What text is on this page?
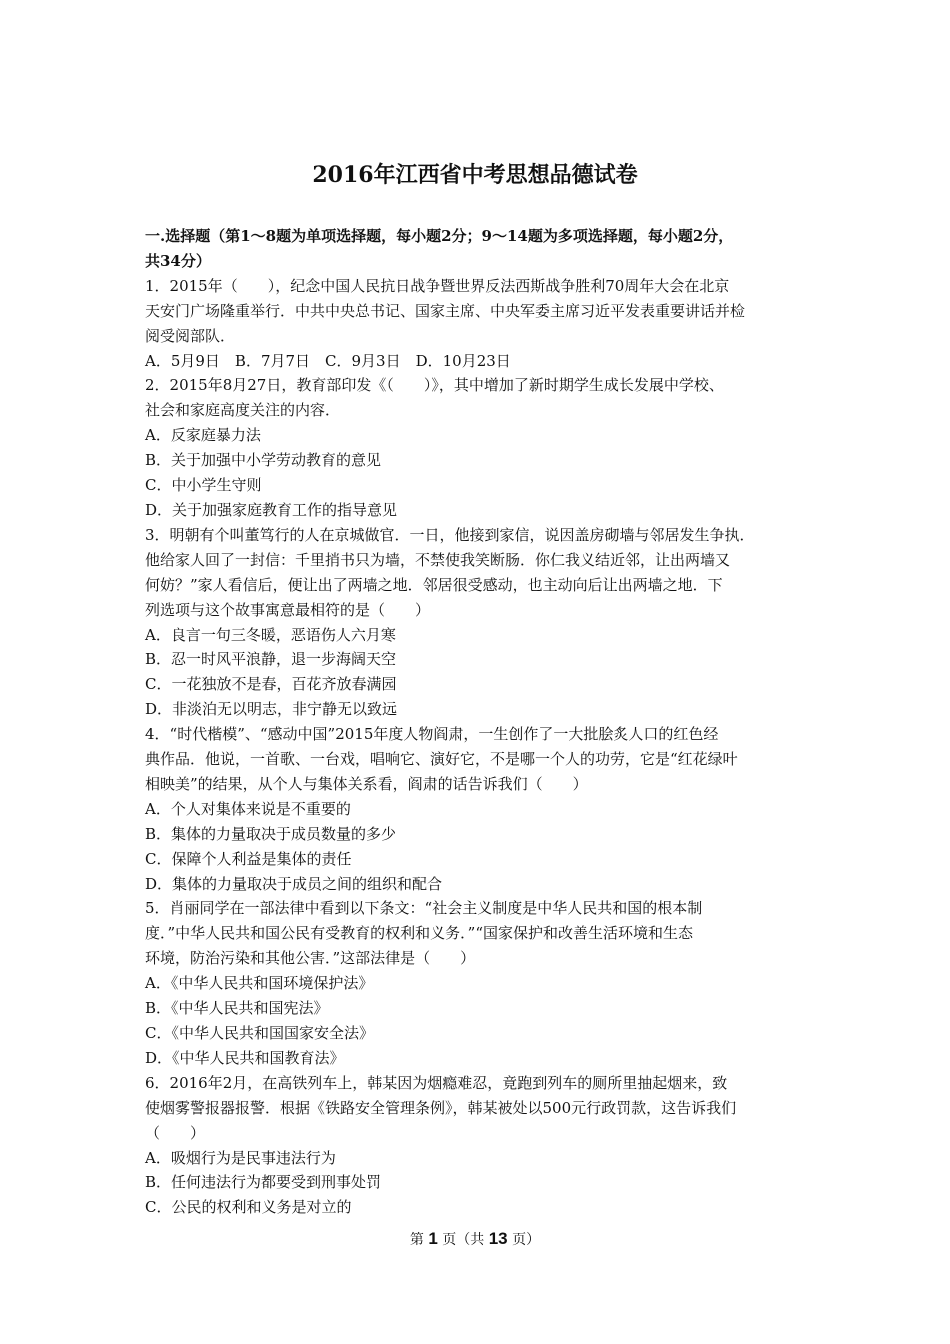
2016年江西省中考思想品德试卷

一.选择题（第1～8题为单项选择题，每小题2分；9～14题为多项选择题，每小题2分，

共34分）

1．2015年（　　），纪念中国人民抗日战争暨世界反法西斯战争胜利70周年大会在北京

天安门广场隆重举行．中共中央总书记、国家主席、中央军委主席习近平发表重要讲话并检

阅受阅部队．

A．5月9日　B．7月7日　C．9月3日　D．10月23日

2．2015年8月27日，教育部印发《（　　）》，其中增加了新时期学生成长发展中学校、

社会和家庭高度关注的内容．

A．反家庭暴力法

B．关于加强中小学劳动教育的意见

C．中小学生守则

D．关于加强家庭教育工作的指导意见

3．明朝有个叫董笃行的人在京城做官．一日，他接到家信，说因盖房砌墙与邻居发生争执．

他给家人回了一封信：千里捎书只为墙，不禁使我笑断肠．你仁我义结近邻，让出两墙又

何妨？”家人看信后，便让出了两墙之地．邻居很受感动，也主动向后让出两墙之地．下

列选项与这个故事寓意最相符的是（　　）

A．良言一句三冬暖，恶语伤人六月寒

B．忍一时风平浪静，退一步海阔天空

C．一花独放不是春，百花齐放春满园

D．非淡泊无以明志，非宁静无以致远

4．“时代楷模”、“感动中国”2015年度人物阎肃，一生创作了一大批脍炙人口的红色经

典作品．他说，一首歌、一台戏，唱响它、演好它，不是哪一个人的功劳，它是“红花绿叶

相映美”的结果，从个人与集体关系看，阎肃的话告诉我们（　　）

A．个人对集体来说是不重要的

B．集体的力量取决于成员数量的多少

C．保障个人利益是集体的责任

D．集体的力量取决于成员之间的组织和配合

5．肖丽同学在一部法律中看到以下条文：“社会主义制度是中华人民共和国的根本制

度．”中华人民共和国公民有受教育的权利和义务．”“国家保护和改善生活环境和生态

环境，防治污染和其他公害．”这部法律是（　　）

A．《中华人民共和国环境保护法》

B．《中华人民共和国宪法》

C．《中华人民共和国国家安全法》

D．《中华人民共和国教育法》

6．2016年2月，在高铁列车上，韩某因为烟瘾难忍，竟跑到列车的厕所里抽起烟来，致

使烟雾警报器报警．根据《铁路安全管理条例》，韩某被处以500元行政罚款，这告诉我们

（　　）

A．吸烟行为是民事违法行为

B．任何违法行为都要受到刑事处罚

C．公民的权利和义务是对立的

第 1 页（共 13 页）
